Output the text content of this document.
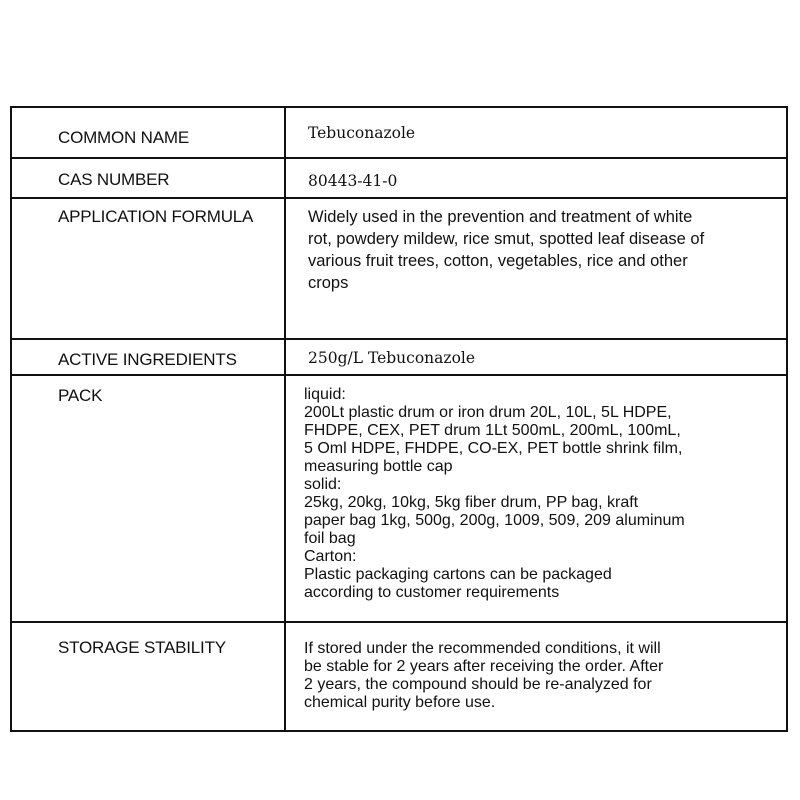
COMMON NAME	Tebuconazole
CAS NUMBER	80443-41-0
APPLICATION FORMULA	Widely used in the prevention and treatment of white
rot, powdery mildew, rice smut, spotted leaf disease of
various fruit trees, cotton, vegetables, rice and other
crops
ACTIVE INGREDIENTS	250g/L Tebuconazole
PACK	liquid:
200Lt plastic drum or iron drum 20L, 10L, 5L HDPE,
FHDPE, CEX, PET drum 1Lt 500mL, 200mL, 100mL,
5 Oml HDPE, FHDPE, CO-EX, PET bottle shrink film,
measuring bottle cap
solid:
25kg, 20kg, 10kg, 5kg fiber drum, PP bag, kraft
paper bag 1kg, 500g, 200g, 1009, 509, 209 aluminum
foil bag
Carton:
Plastic packaging cartons can be packaged
according to customer requirements
STORAGE STABILITY	If stored under the recommended conditions, it will
be stable for 2 years after receiving the order. After
2 years, the compound should be re-analyzed for
chemical purity before use.
